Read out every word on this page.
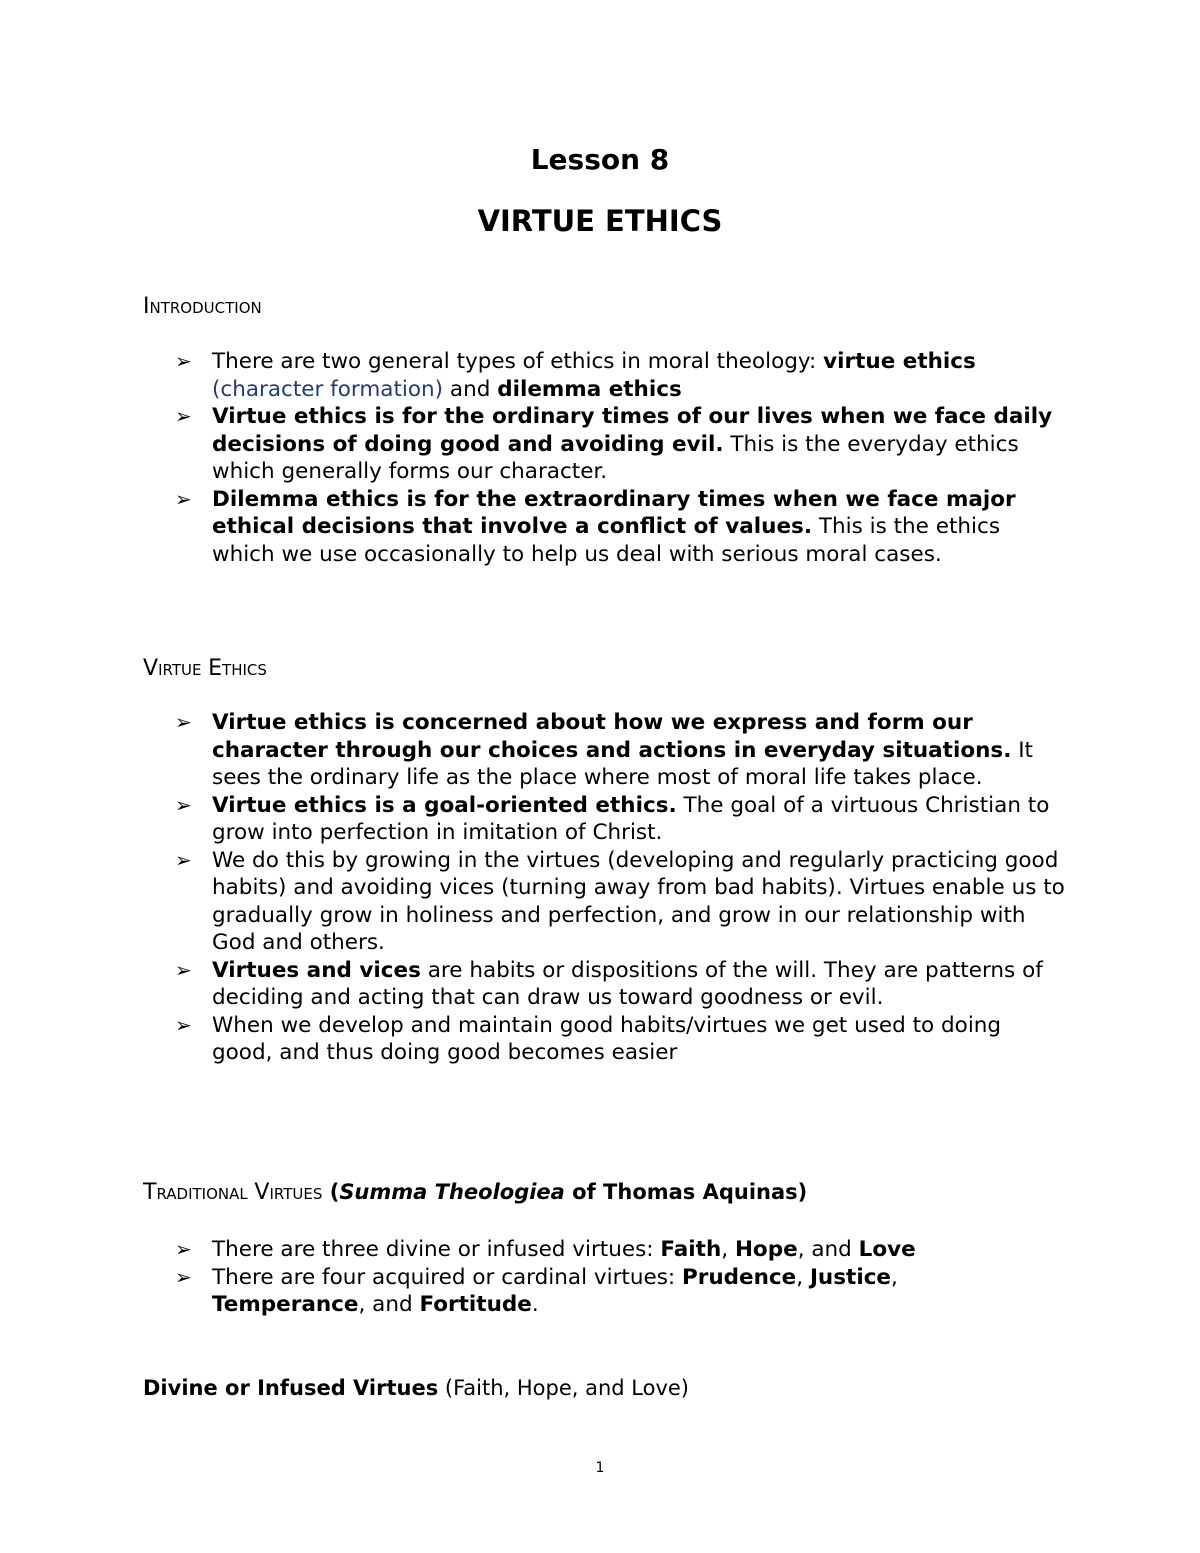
Lesson 8
VIRTUE ETHICS
Introduction
➢ There are two general types of ethics in moral theology: virtue ethics
(character formation) and dilemma ethics
➢ Virtue ethics is for the ordinary times of our lives when we face daily decisions of doing good and avoiding evil. This is the everyday ethics which generally forms our character.
➢ Dilemma ethics is for the extraordinary times when we face major ethical decisions that involve a conflict of values. This is the ethics which we use occasionally to help us deal with serious moral cases.
Virtue Ethics
➢ Virtue ethics is concerned about how we express and form our character through our choices and actions in everyday situations. It sees the ordinary life as the place where most of moral life takes place.
➢ Virtue ethics is a goal-oriented ethics. The goal of a virtuous Christian to grow into perfection in imitation of Christ.
➢ We do this by growing in the virtues (developing and regularly practicing good habits) and avoiding vices (turning away from bad habits). Virtues enable us to gradually grow in holiness and perfection, and grow in our relationship with God and others.
➢ Virtues and vices are habits or dispositions of the will. They are patterns of deciding and acting that can draw us toward goodness or evil.
➢ When we develop and maintain good habits/virtues we get used to doing good, and thus doing good becomes easier
Traditional Virtues (Summa Theologiea of Thomas Aquinas)
➢ There are three divine or infused virtues: Faith, Hope, and Love
➢ There are four acquired or cardinal virtues: Prudence, Justice,
Temperance, and Fortitude.
Divine or Infused Virtues (Faith, Hope, and Love)
1
